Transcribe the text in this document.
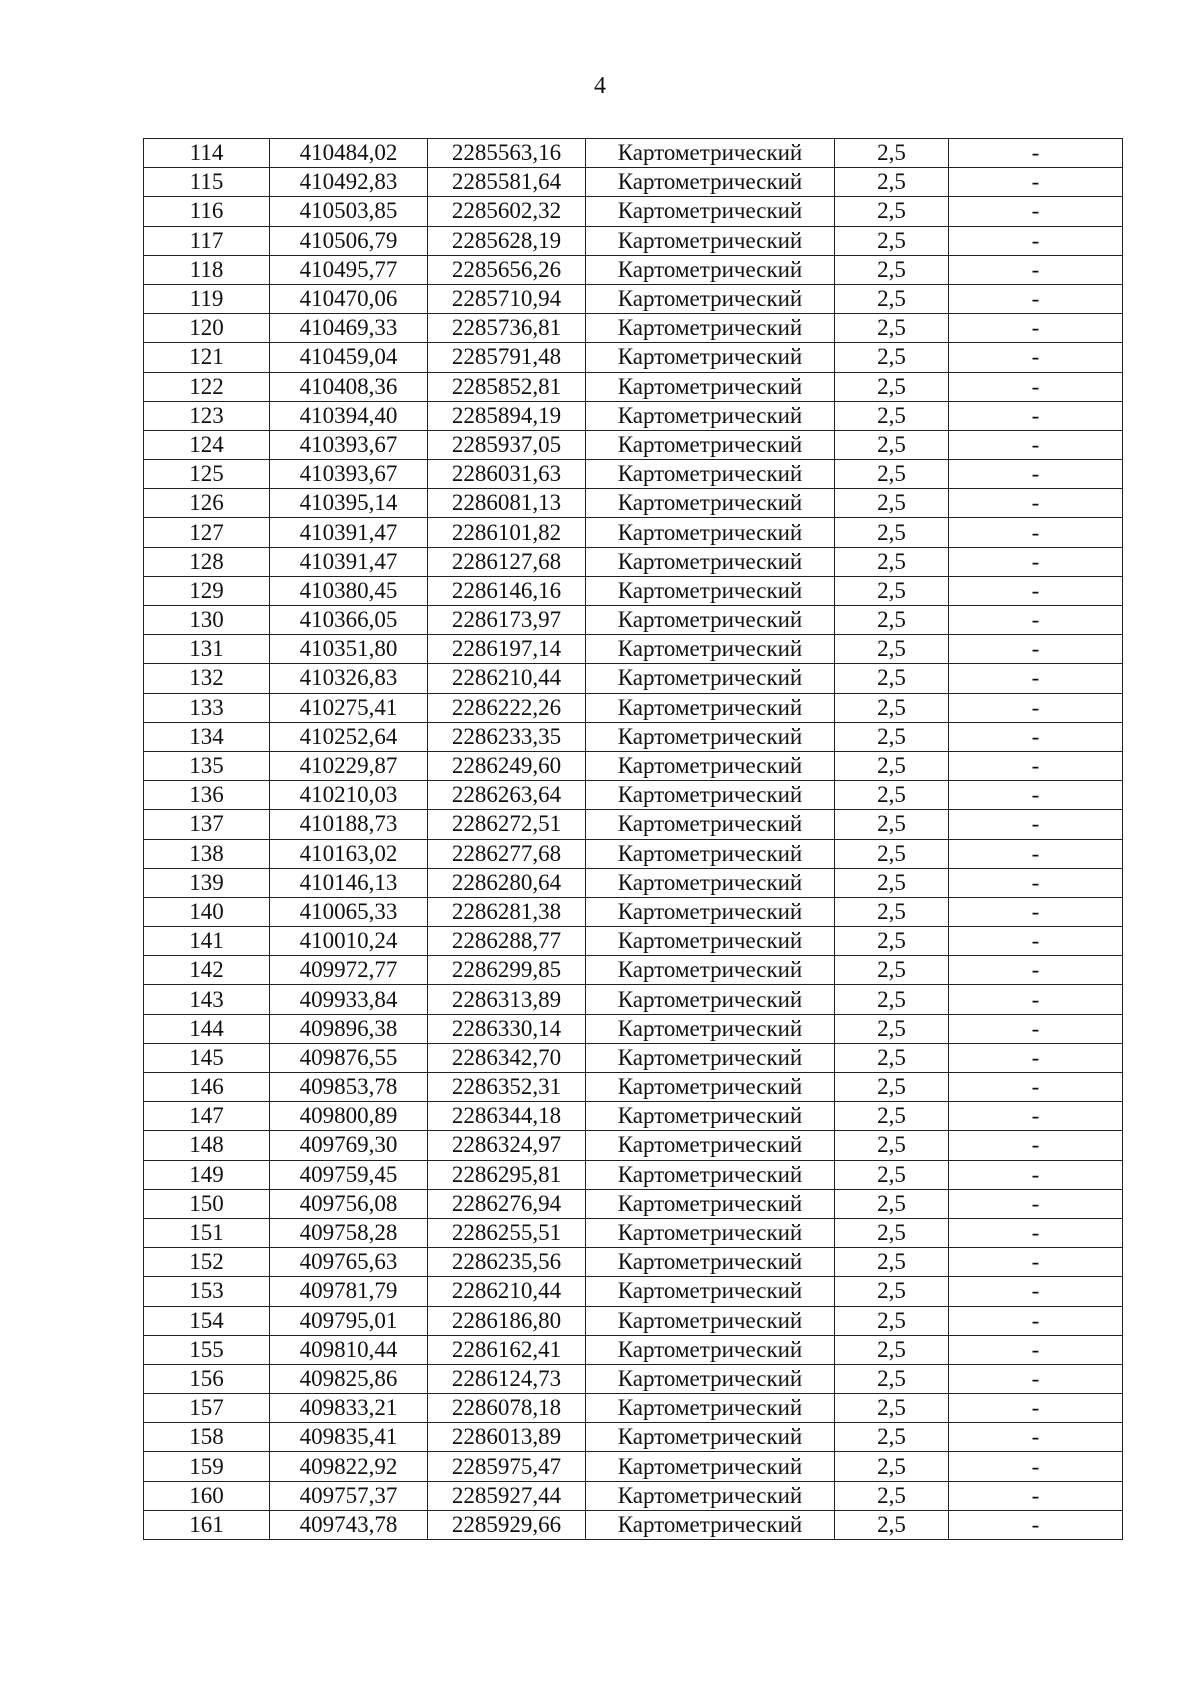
4
114	410484,02	2285563,16	Картометрический	2,5	-
115	410492,83	2285581,64	Картометрический	2,5	-
116	410503,85	2285602,32	Картометрический	2,5	-
117	410506,79	2285628,19	Картометрический	2,5	-
118	410495,77	2285656,26	Картометрический	2,5	-
119	410470,06	2285710,94	Картометрический	2,5	-
120	410469,33	2285736,81	Картометрический	2,5	-
121	410459,04	2285791,48	Картометрический	2,5	-
122	410408,36	2285852,81	Картометрический	2,5	-
123	410394,40	2285894,19	Картометрический	2,5	-
124	410393,67	2285937,05	Картометрический	2,5	-
125	410393,67	2286031,63	Картометрический	2,5	-
126	410395,14	2286081,13	Картометрический	2,5	-
127	410391,47	2286101,82	Картометрический	2,5	-
128	410391,47	2286127,68	Картометрический	2,5	-
129	410380,45	2286146,16	Картометрический	2,5	-
130	410366,05	2286173,97	Картометрический	2,5	-
131	410351,80	2286197,14	Картометрический	2,5	-
132	410326,83	2286210,44	Картометрический	2,5	-
133	410275,41	2286222,26	Картометрический	2,5	-
134	410252,64	2286233,35	Картометрический	2,5	-
135	410229,87	2286249,60	Картометрический	2,5	-
136	410210,03	2286263,64	Картометрический	2,5	-
137	410188,73	2286272,51	Картометрический	2,5	-
138	410163,02	2286277,68	Картометрический	2,5	-
139	410146,13	2286280,64	Картометрический	2,5	-
140	410065,33	2286281,38	Картометрический	2,5	-
141	410010,24	2286288,77	Картометрический	2,5	-
142	409972,77	2286299,85	Картометрический	2,5	-
143	409933,84	2286313,89	Картометрический	2,5	-
144	409896,38	2286330,14	Картометрический	2,5	-
145	409876,55	2286342,70	Картометрический	2,5	-
146	409853,78	2286352,31	Картометрический	2,5	-
147	409800,89	2286344,18	Картометрический	2,5	-
148	409769,30	2286324,97	Картометрический	2,5	-
149	409759,45	2286295,81	Картометрический	2,5	-
150	409756,08	2286276,94	Картометрический	2,5	-
151	409758,28	2286255,51	Картометрический	2,5	-
152	409765,63	2286235,56	Картометрический	2,5	-
153	409781,79	2286210,44	Картометрический	2,5	-
154	409795,01	2286186,80	Картометрический	2,5	-
155	409810,44	2286162,41	Картометрический	2,5	-
156	409825,86	2286124,73	Картометрический	2,5	-
157	409833,21	2286078,18	Картометрический	2,5	-
158	409835,41	2286013,89	Картометрический	2,5	-
159	409822,92	2285975,47	Картометрический	2,5	-
160	409757,37	2285927,44	Картометрический	2,5	-
161	409743,78	2285929,66	Картометрический	2,5	-
